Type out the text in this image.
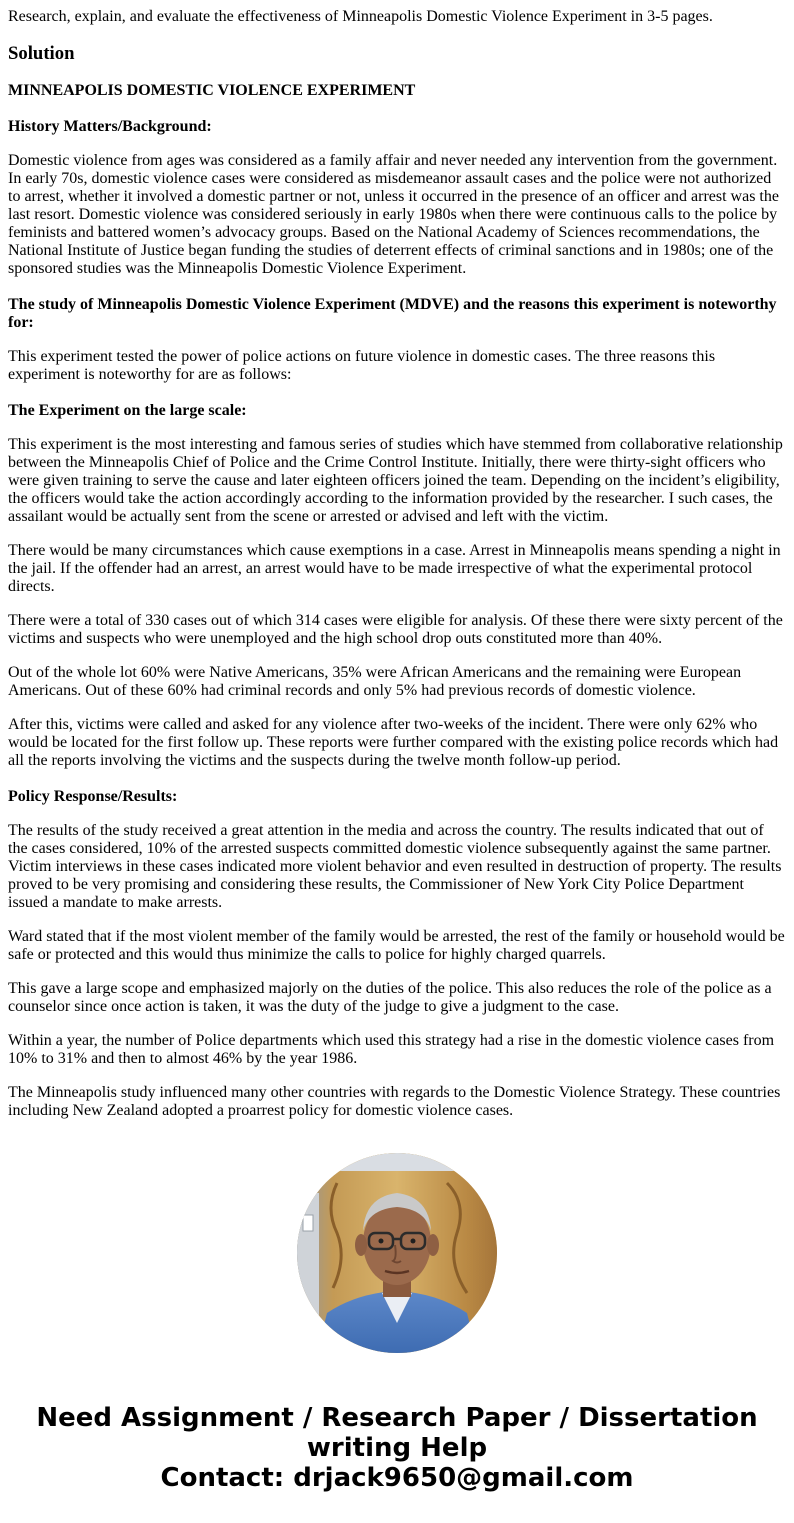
Research, explain, and evaluate the effectiveness of Minneapolis Domestic Violence Experiment in 3-5 pages.

Solution
MINNEAPOLIS DOMESTIC VIOLENCE EXPERIMENT
History Matters/Background:

Domestic violence from ages was considered as a family affair and never needed any intervention from the government. In early 70s, domestic violence cases were considered as misdemeanor assault cases and the police were not authorized to arrest, whether it involved a domestic partner or not, unless it occurred in the presence of an officer and arrest was the last resort. Domestic violence was considered seriously in early 1980s when there were continuous calls to the police by feminists and battered women’s advocacy groups. Based on the National Academy of Sciences recommendations, the National Institute of Justice began funding the studies of deterrent effects of criminal sanctions and in 1980s; one of the sponsored studies was the Minneapolis Domestic Violence Experiment.

The study of Minneapolis Domestic Violence Experiment (MDVE) and the reasons this experiment is noteworthy for:

This experiment tested the power of police actions on future violence in domestic cases. The three reasons this experiment is noteworthy for are as follows:

The Experiment on the large scale:

This experiment is the most interesting and famous series of studies which have stemmed from collaborative relationship between the Minneapolis Chief of Police and the Crime Control Institute. Initially, there were thirty-sight officers who were given training to serve the cause and later eighteen officers joined the team. Depending on the incident’s eligibility, the officers would take the action accordingly according to the information provided by the researcher. I such cases, the assailant would be actually sent from the scene or arrested or advised and left with the victim.

There would be many circumstances which cause exemptions in a case. Arrest in Minneapolis means spending a night in the jail. If the offender had an arrest, an arrest would have to be made irrespective of what the experimental protocol directs.

There were a total of 330 cases out of which 314 cases were eligible for analysis. Of these there were sixty percent of the victims and suspects who were unemployed and the high school drop outs constituted more than 40%.

Out of the whole lot 60% were Native Americans, 35% were African Americans and the remaining were European Americans. Out of these 60% had criminal records and only 5% had previous records of domestic violence.

After this, victims were called and asked for any violence after two-weeks of the incident. There were only 62% who would be located for the first follow up. These reports were further compared with the existing police records which had all the reports involving the victims and the suspects during the twelve month follow-up period.

Policy Response/Results:

The results of the study received a great attention in the media and across the country. The results indicated that out of the cases considered, 10% of the arrested suspects committed domestic violence subsequently against the same partner. Victim interviews in these cases indicated more violent behavior and even resulted in destruction of property. The results proved to be very promising and considering these results, the Commissioner of New York City Police Department issued a mandate to make arrests.

Ward stated that if the most violent member of the family would be arrested, the rest of the family or household would be safe or protected and this would thus minimize the calls to police for highly charged quarrels.

This gave a large scope and emphasized majorly on the duties of the police. This also reduces the role of the police as a counselor since once action is taken, it was the duty of the judge to give a judgment to the case.

Within a year, the number of Police departments which used this strategy had a rise in the domestic violence cases from 10% to 31% and then to almost 46% by the year 1986.

The Minneapolis study influenced many other countries with regards to the Domestic Violence Strategy. These countries including New Zealand adopted a proarrest policy for domestic violence cases.

Need Assignment / Research Paper / Dissertation
writing Help
Contact: drjack9650@gmail.com
